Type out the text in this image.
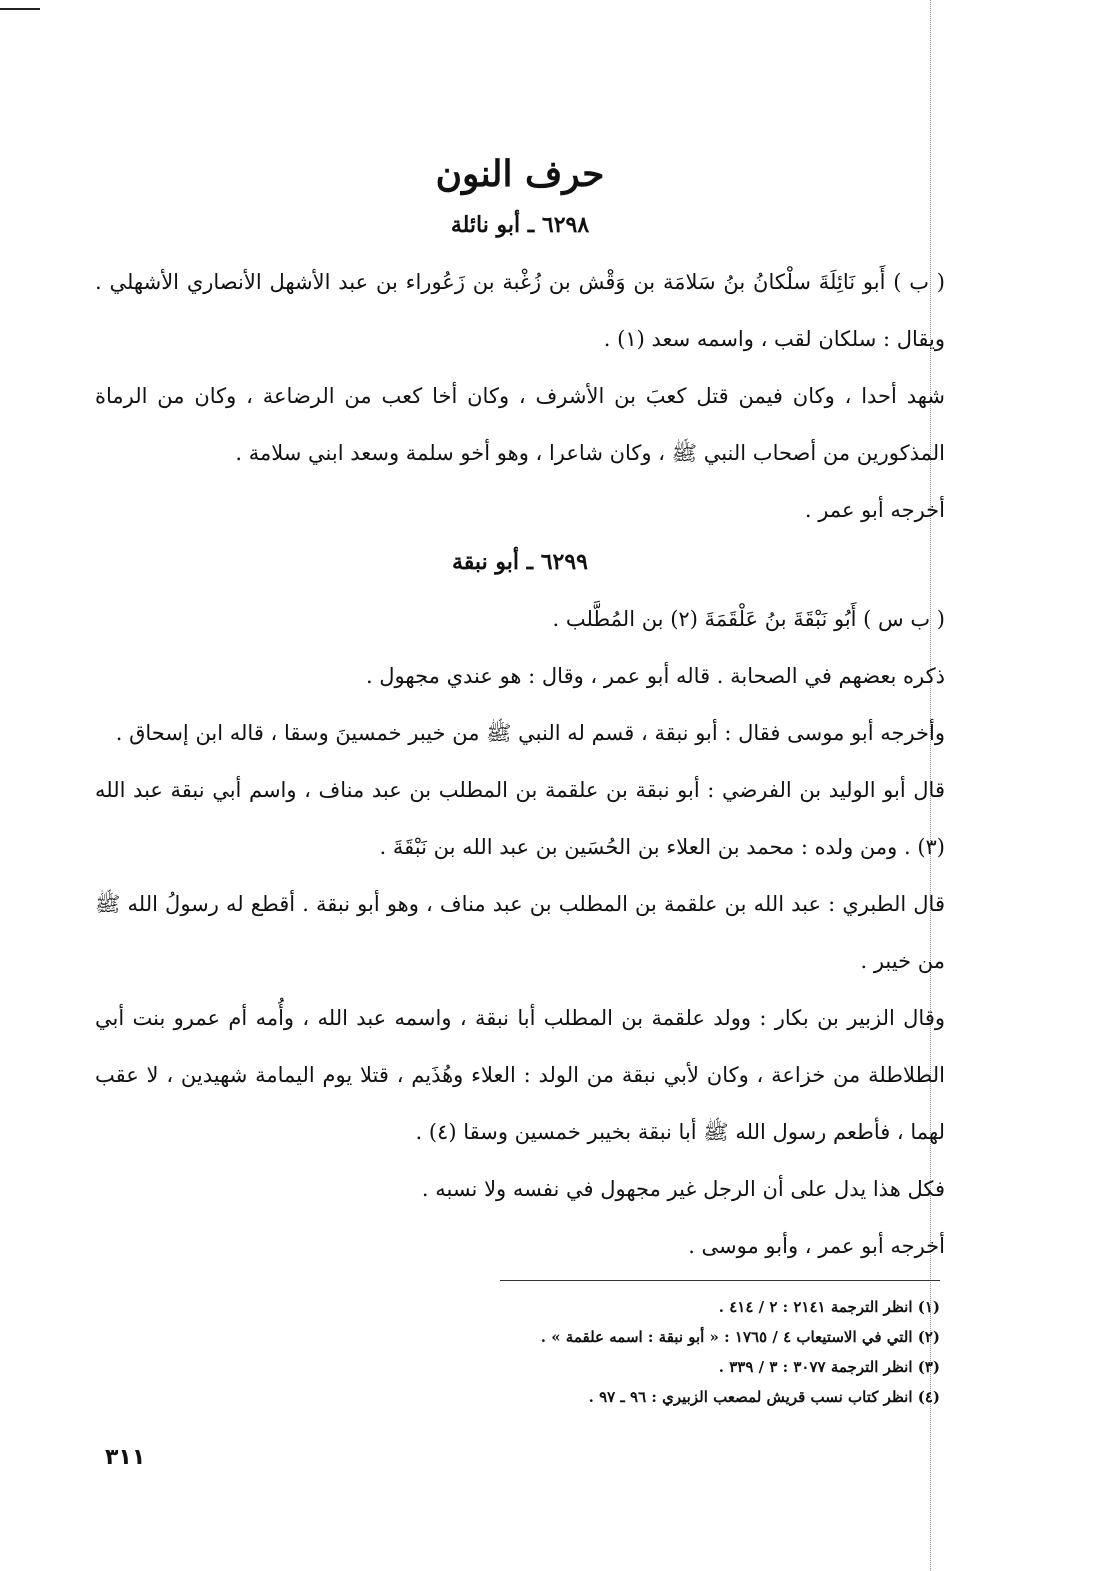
حرف النون
٦٢٩٨ ـ أبو نائلة

( ب ) أَبو نَائِلَةَ سلْكانُ بنُ سَلامَة بن وَقْش بن زُغْبة بن زَعُوراء بن عبد الأشهل الأنصاري الأشهلي . ويقال : سلكان لقب ، واسمه سعد (١) .

شهد أحدا ، وكان فيمن قتل كعبَ بن الأشرف ، وكان أخا كعب من الرضاعة ، وكان من الرماة المذكورين من أصحاب النبي ﷺ ، وكان شاعرا ، وهو أخو سلمة وسعد ابني سلامة .

أخرجه أبو عمر .

٦٢٩٩ ـ أبو نبقة

( ب س ) أَبُو نَبْقَةَ بنُ عَلْقَمَةَ (٢) بن المُطَّلب .

ذكره بعضهم في الصحابة . قاله أبو عمر ، وقال : هو عندي مجهول .

وأخرجه أبو موسى فقال : أبو نبقة ، قسم له النبي ﷺ من خيبر خمسينَ وسقا ، قاله ابن إسحاق .

قال أبو الوليد بن الفرضي : أبو نبقة بن علقمة بن المطلب بن عبد مناف ، واسم أبي نبقة عبد الله (٣) . ومن ولده : محمد بن العلاء بن الحُسَين بن عبد الله بن نَبْقَةَ .

قال الطبري : عبد الله بن علقمة بن المطلب بن عبد مناف ، وهو أبو نبقة . أقطع له رسولُ الله ﷺ من خيبر .

وقال الزبير بن بكار : وولد علقمة بن المطلب أبا نبقة ، واسمه عبد الله ، وأُمه أم عمرو بنت أبي الطلاطلة من خزاعة ، وكان لأبي نبقة من الولد : العلاء وهُذَيم ، قتلا يوم اليمامة شهيدين ، لا عقب لهما ، فأطعم رسول الله ﷺ أبا نبقة بخيبر خمسين وسقا (٤) .

فكل هذا يدل على أن الرجل غير مجهول في نفسه ولا نسبه .

أخرجه أبو عمر ، وأبو موسى .

(١) انظر الترجمة ٢١٤١ : ٢ / ٤١٤ .
(٢) التي في الاستيعاب ٤ / ١٧٦٥ : « أبو نبقة : اسمه علقمة » .
(٣) انظر الترجمة ٣٠٧٧ : ٣ / ٣٣٩ .
(٤) انظر كتاب نسب قريش لمصعب الزبيري : ٩٦ ـ ٩٧ .
٣١١
